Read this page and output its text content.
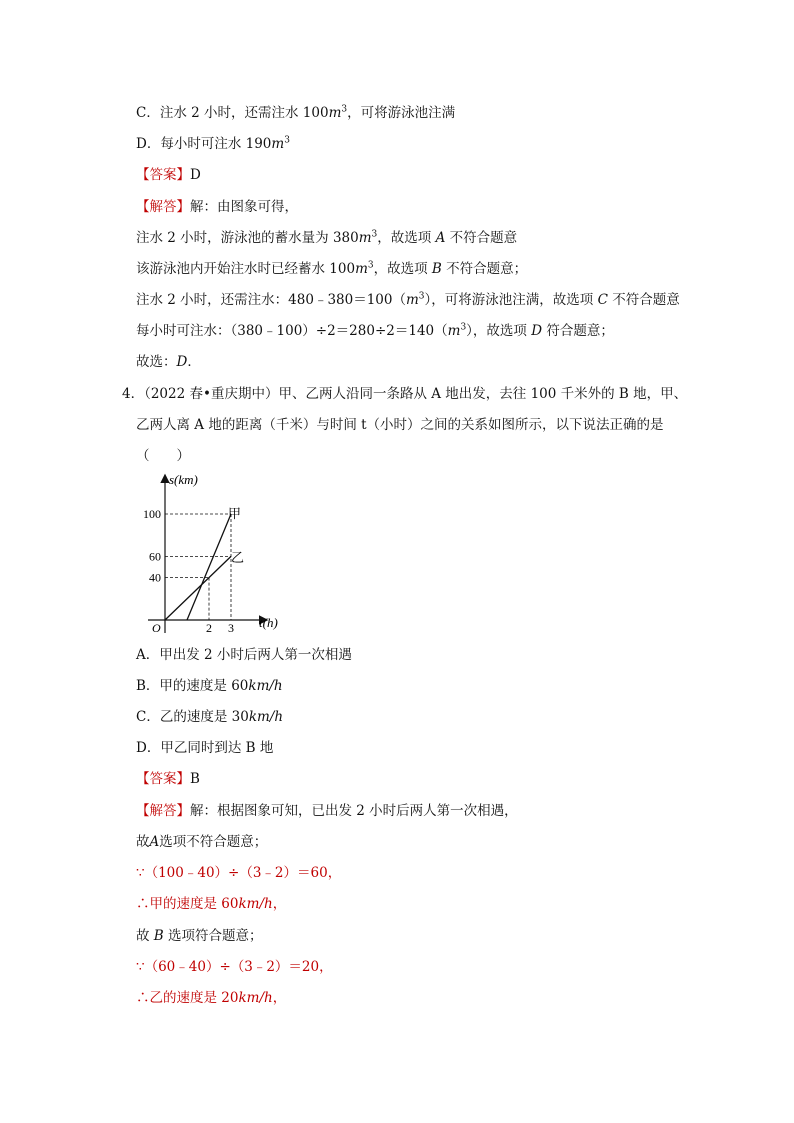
C．注水 2 小时，还需注水 $100m^3$，可将游泳池注满
D．每小时可注水 $190m^3$
【答案】D
【解答】解：由图象可得，
注水 2 小时，游泳池的蓄水量为 $380m^3$，故选项 A 不符合题意
该游泳池内开始注水时已经蓄水 $100m^3$，故选项 B 不符合题意；
注水 2 小时，还需注水：$480﹣380=100(m^3)$，可将游泳池注满，故选项 C 不符合题意
每小时可注水：$(380﹣100)\div 2=280\div 2=140(m^3)$，故选项 D 符合题意；
故选：D．
4．（2022 春•重庆期中）甲、乙两人沿同一条路从 A 地出发，去往 100 千米外的 B 地，甲、
乙两人离 A 地的距离（千米）与时间 t（小时）之间的关系如图所示，以下说法正确的是
（　　）
s(km)
t(h)
O
100
60
40
2 3
甲
乙
A．甲出发 2 小时后两人第一次相遇
B．甲的速度是 60km/h
C．乙的速度是 30km/h
D．甲乙同时到达 B 地
【答案】B
【解答】解：根据图象可知，已出发 2 小时后两人第一次相遇，
故A选项不符合题意；
∵（100﹣40）÷（3﹣2）＝60，
∴甲的速度是 60km/h，
故 B 选项符合题意；
∵（60﹣40）÷（3﹣2）＝20，
∴乙的速度是 20km/h，
